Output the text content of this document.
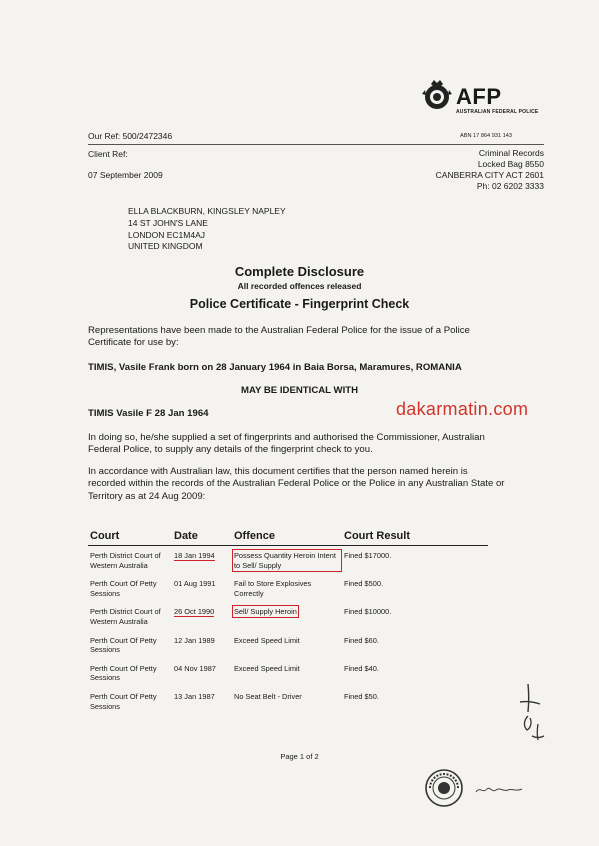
AFP
AUSTRALIAN FEDERAL POLICE
Our Ref: 500/2472346	ABN 17 864 931 143
Client Ref:
07 September 2009
Criminal Records
Locked Bag 8550
CANBERRA CITY ACT 2601
Ph: 02 6202 3333
ELLA BLACKBURN, KINGSLEY NAPLEY
14 ST JOHN'S LANE
LONDON EC1M4AJ
UNITED KINGDOM
Complete Disclosure
All recorded offences released
Police Certificate - Fingerprint Check
Representations have been made to the Australian Federal Police for the issue of a Police Certificate for use by:
TIMIS, Vasile Frank born on 28 January 1964 in Baia Borsa, Maramures, ROMANIA
MAY BE IDENTICAL WITH
TIMIS Vasile F 28 Jan 1964	dakarmatin.com
In doing so, he/she supplied a set of fingerprints and authorised the Commissioner, Australian Federal Police, to supply any details of the fingerprint check to you.
In accordance with Australian law, this document certifies that the person named herein is recorded within the records of the Australian Federal Police or the Police in any Australian State or Territory as at 24 Aug 2009:
Court	Date	Offence	Court Result
Perth District Court of Western Australia	18 Jan 1994	Possess Quantity Heroin Intent to Sell/ Supply	Fined $17000.
Perth Court Of Petty Sessions	01 Aug 1991	Fail to Store Explosives Correctly	Fined $500.
Perth District Court of Western Australia	26 Oct 1990	Sell/ Supply Heroin	Fined $10000.
Perth Court Of Petty Sessions	12 Jan 1989	Exceed Speed Limit	Fined $60.
Perth Court Of Petty Sessions	04 Nov 1987	Exceed Speed Limit	Fined $40.
Perth Court Of Petty Sessions	13 Jan 1987	No Seat Belt - Driver	Fined $50.
Page 1 of 2
